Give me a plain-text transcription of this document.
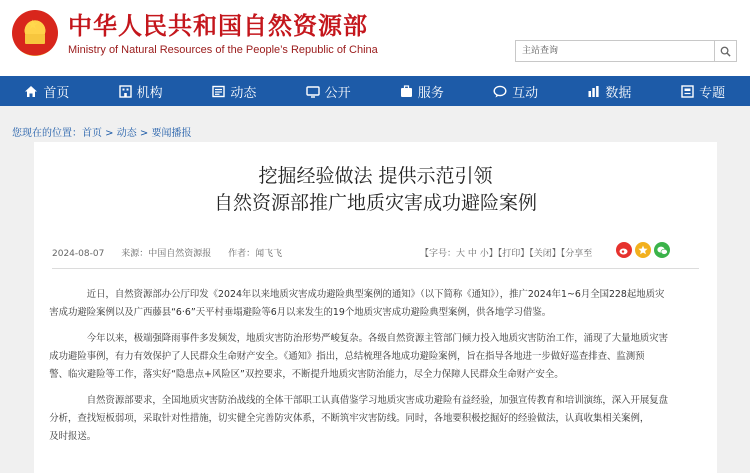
★ 中华人民共和国自然资源部
Ministry of Natural Resources of the People’s Republic of China	主站查询
首页	机构	动态	公开	服务	互动	数据	专题
您现在的位置：首页 > 动态 > 要闻播报
挖掘经验做法 提供示范引领
自然资源部推广地质灾害成功避险案例
2024-08-07 来源：中国自然资源报 作者：闻飞飞	【字号：大 中 小】【打印】【关闭】【分享至
近日，自然资源部办公厅印发《2024年以来地质灾害成功避险典型案例的通知》（以下简称《通知》），推广2024年1~6月全国228起地质灾
害成功避险案例以及广西藤县“6·6”天平村垂塌避险等6月以来发生的19个地质灾害成功避险典型案例，供各地学习借鉴。
今年以来，极端强降雨事件多发频发，地质灾害防治形势严峻复杂。各级自然资源主管部门倾力投入地质灾害防治工作，涌现了大量地质灾害
成功避险事例，有力有效保护了人民群众生命财产安全。《通知》指出，总结梳理各地成功避险案例，旨在指导各地进一步做好巡查排查、监测预
警、临灾避险等工作，落实好“隐患点+风险区”双控要求，不断提升地质灾害防治能力，尽全力保障人民群众生命财产安全。
自然资源部要求，全国地质灾害防治战线的全体干部职工认真借鉴学习地质灾害成功避险有益经验，加强宣传教育和培训演练，深入开展复盘
分析，查找短板弱项，采取针对性措施，切实健全完善防灾体系，不断筑牢灾害防线。同时，各地要积极挖掘好的经验做法，认真收集相关案例，
及时报送。
